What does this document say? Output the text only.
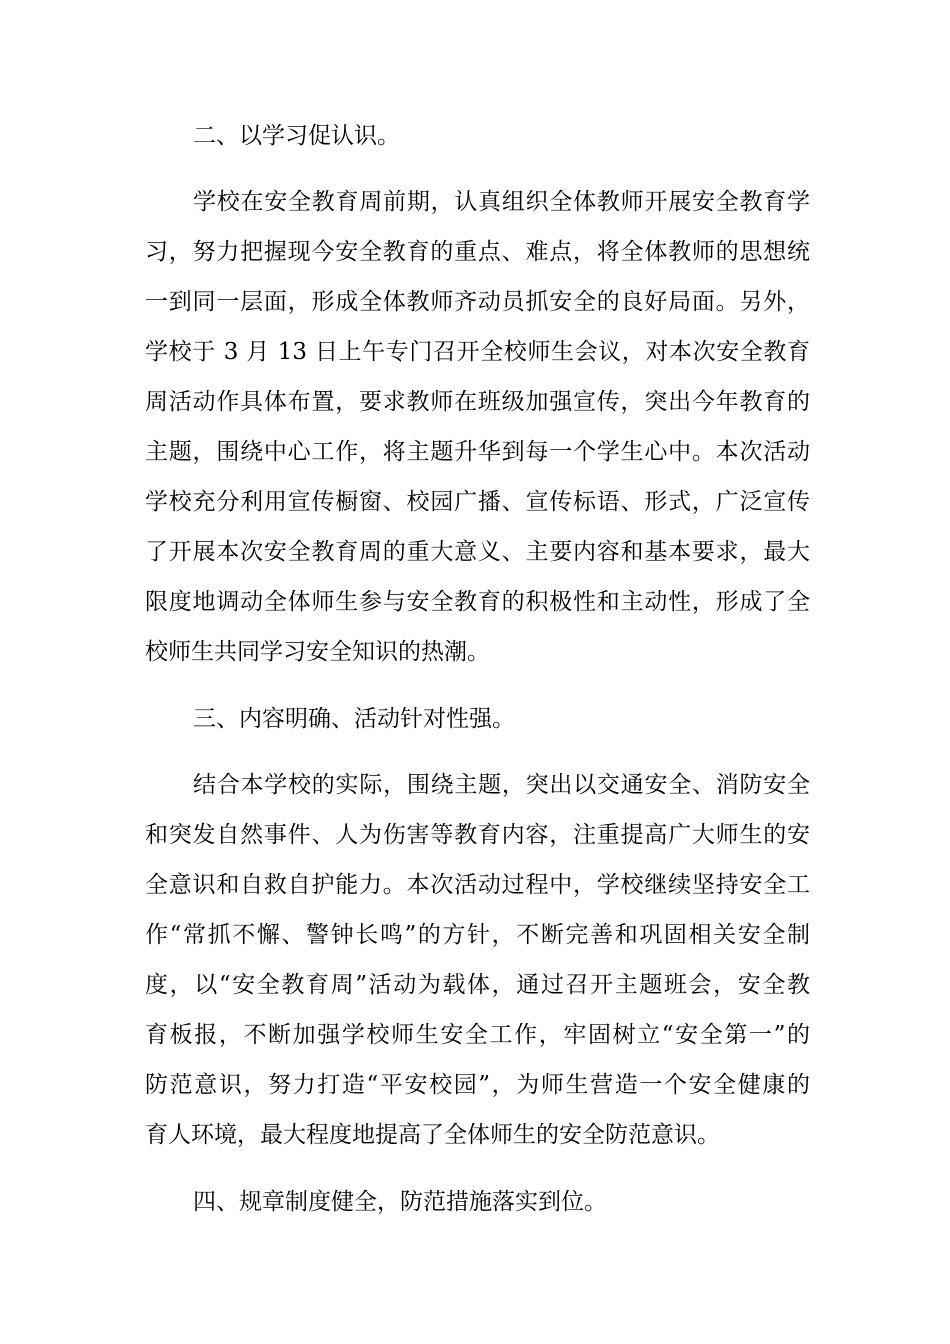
二、以学习促认识。

学校在安全教育周前期，认真组织全体教师开展安全教育学

习，努力把握现今安全教育的重点、难点，将全体教师的思想统

一到同一层面，形成全体教师齐动员抓安全的良好局面。另外，

学校于 3 月 13 日上午专门召开全校师生会议，对本次安全教育

周活动作具体布置，要求教师在班级加强宣传，突出今年教育的

主题，围绕中心工作，将主题升华到每一个学生心中。本次活动

学校充分利用宣传橱窗、校园广播、宣传标语、形式，广泛宣传

了开展本次安全教育周的重大意义、主要内容和基本要求，最大

限度地调动全体师生参与安全教育的积极性和主动性，形成了全

校师生共同学习安全知识的热潮。

三、内容明确、活动针对性强。

结合本学校的实际，围绕主题，突出以交通安全、消防安全

和突发自然事件、人为伤害等教育内容，注重提高广大师生的安

全意识和自救自护能力。本次活动过程中，学校继续坚持安全工

作“常抓不懈、警钟长鸣”的方针，不断完善和巩固相关安全制

度，以“安全教育周”活动为载体，通过召开主题班会，安全教

育板报，不断加强学校师生安全工作，牢固树立“安全第一”的

防范意识，努力打造“平安校园”，为师生营造一个安全健康的

育人环境，最大程度地提高了全体师生的安全防范意识。

四、规章制度健全，防范措施落实到位。
